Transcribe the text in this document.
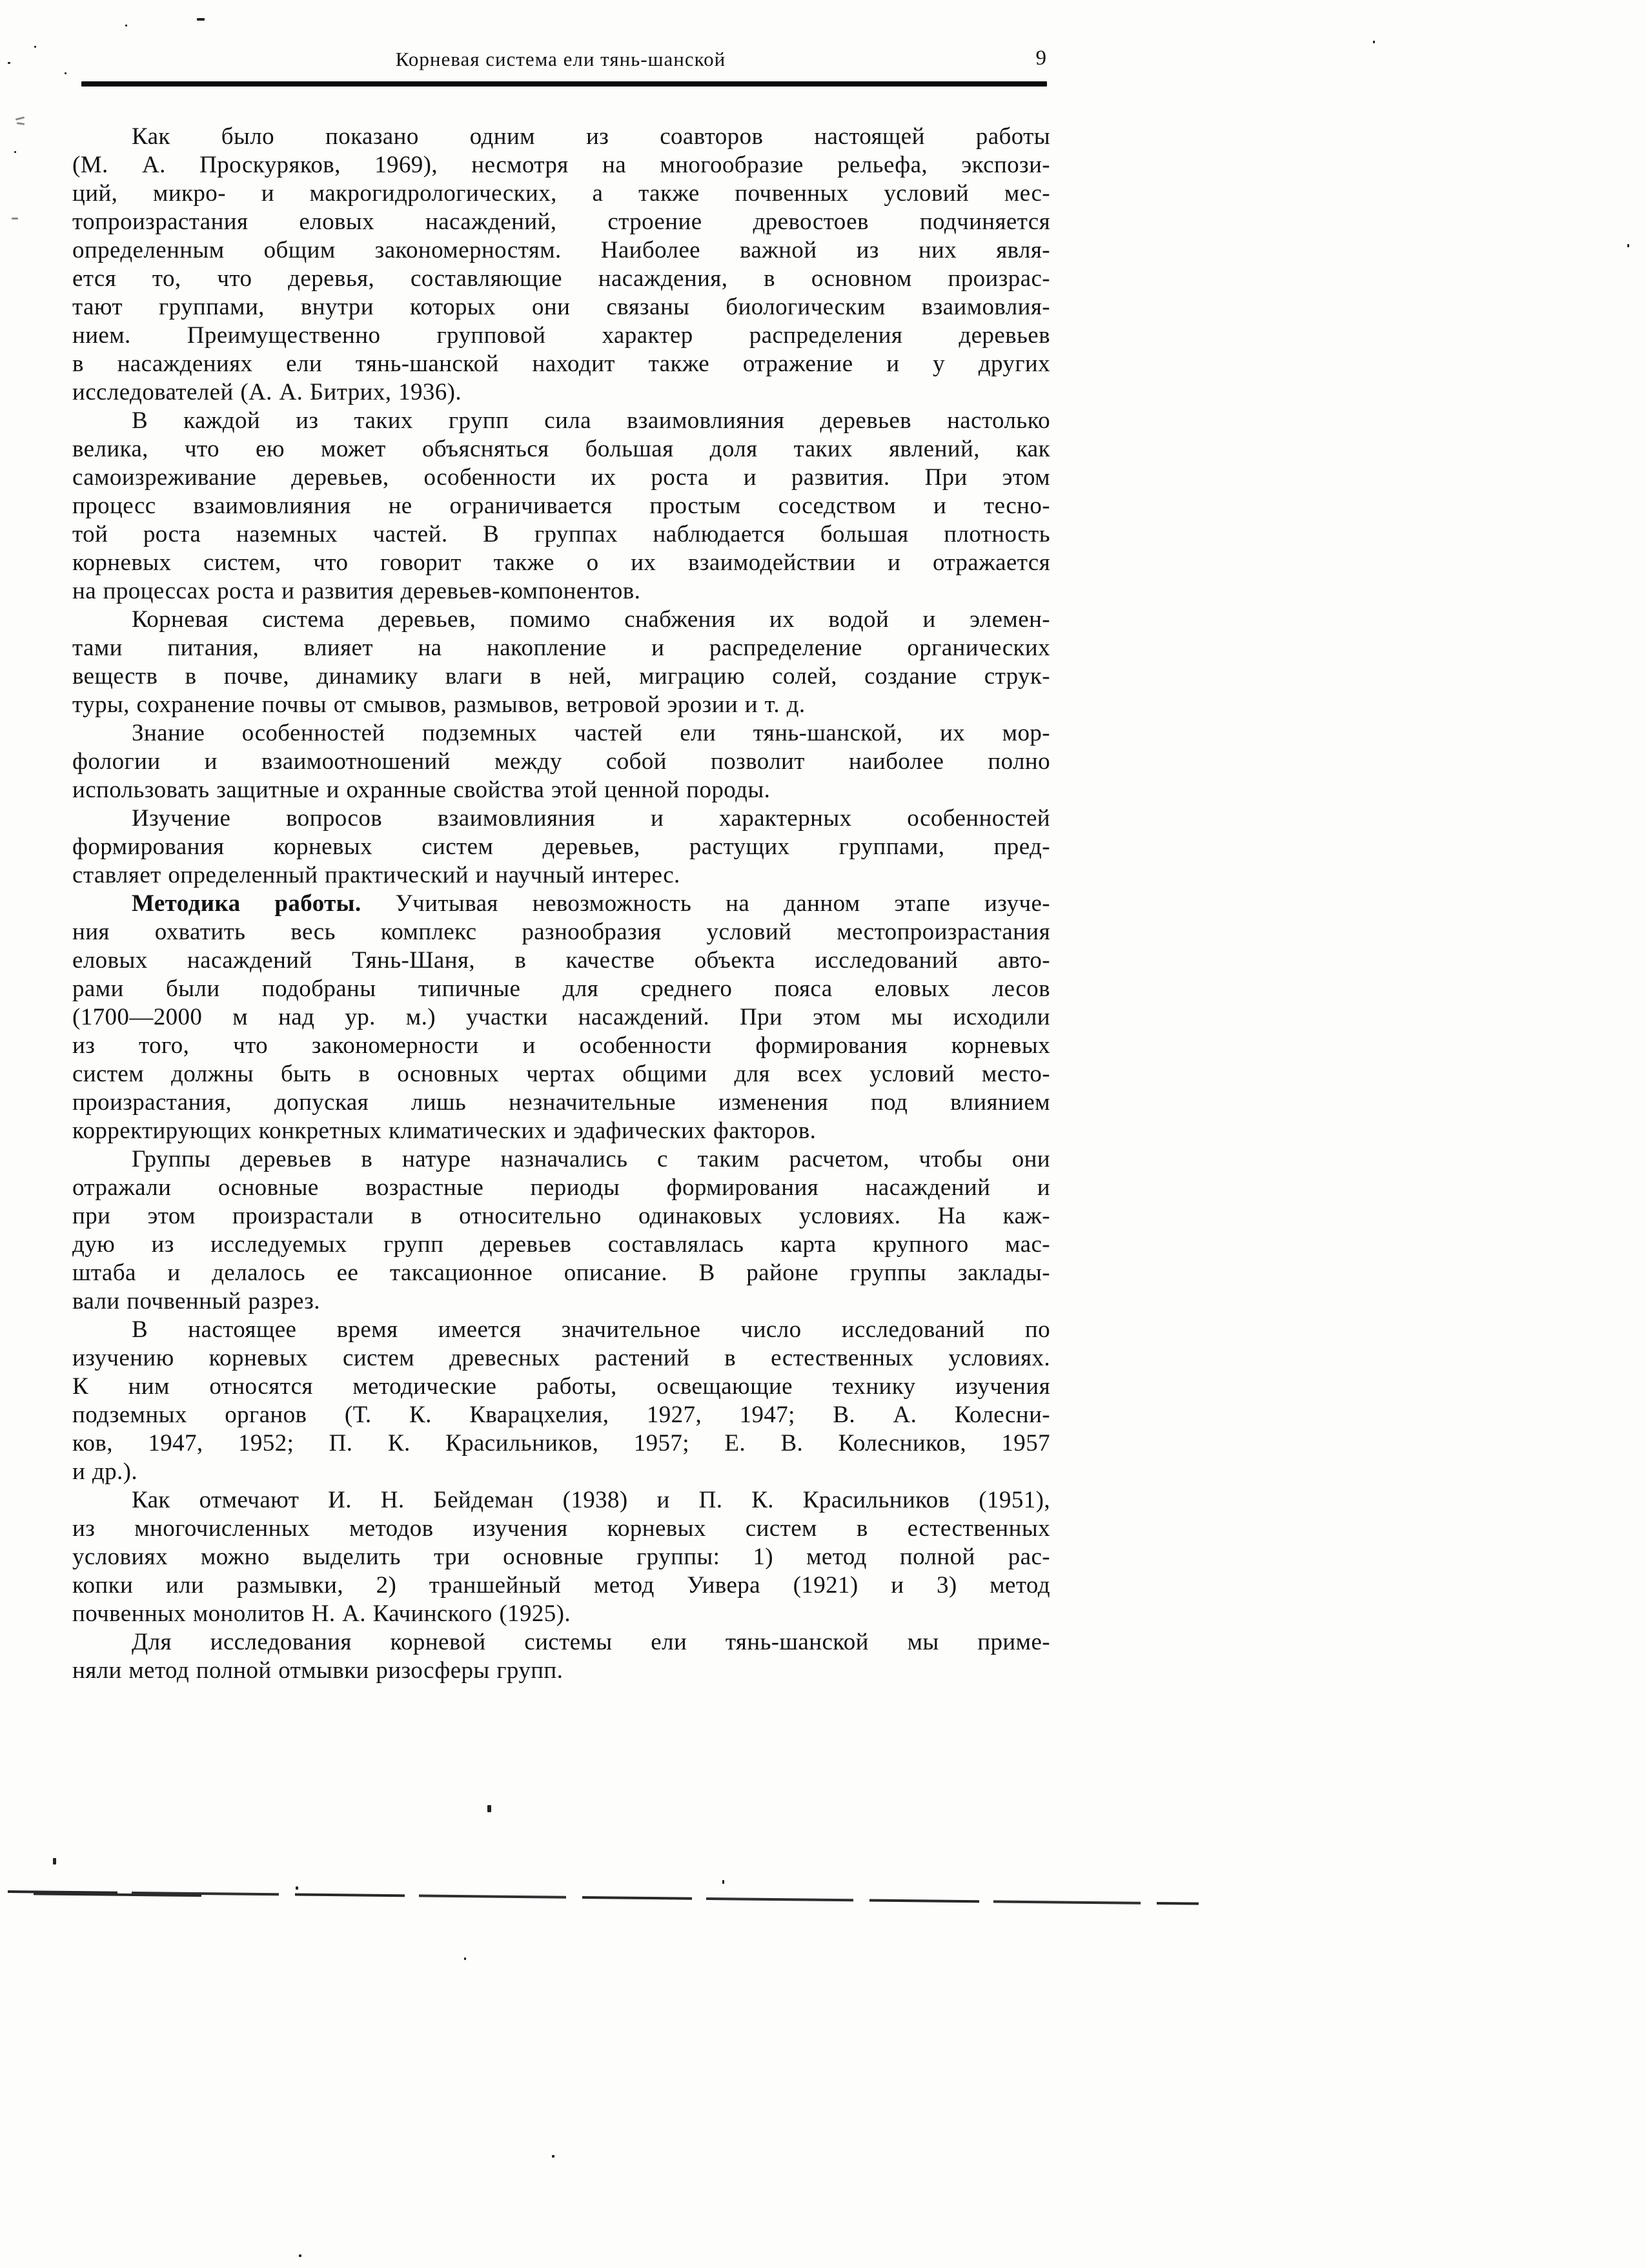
Корневая система ели тянь-шанской	9
Как было показано одним из соавторов настоящей работы
(М. А. Проскуряков, 1969), несмотря на многообразие рельефа, экспози-
ций, микро- и макрогидрологических, а также почвенных условий мес-
топроизрастания еловых насаждений, строение древостоев подчиняется
определенным общим закономерностям. Наиболее важной из них явля-
ется то, что деревья, составляющие насаждения, в основном произрас-
тают группами, внутри которых они связаны биологическим взаимовлия-
нием. Преимущественно групповой характер распределения деревьев
в насаждениях ели тянь-шанской находит также отражение и у других
исследователей (А. А. Битрих, 1936).
В каждой из таких групп сила взаимовлияния деревьев настолько
велика, что ею может объясняться большая доля таких явлений, как
самоизреживание деревьев, особенности их роста и развития. При этом
процесс взаимовлияния не ограничивается простым соседством и тесно-
той роста наземных частей. В группах наблюдается большая плотность
корневых систем, что говорит также о их взаимодействии и отражается
на процессах роста и развития деревьев-компонентов.
Корневая система деревьев, помимо снабжения их водой и элемен-
тами питания, влияет на накопление и распределение органических
веществ в почве, динамику влаги в ней, миграцию солей, создание струк-
туры, сохранение почвы от смывов, размывов, ветровой эрозии и т. д.
Знание особенностей подземных частей ели тянь-шанской, их мор-
фологии и взаимоотношений между собой позволит наиболее полно
использовать защитные и охранные свойства этой ценной породы.
Изучение вопросов взаимовлияния и характерных особенностей
формирования корневых систем деревьев, растущих группами, пред-
ставляет определенный практический и научный интерес.
Методика работы. Учитывая невозможность на данном этапе изуче-
ния охватить весь комплекс разнообразия условий местопроизрастания
еловых насаждений Тянь-Шаня, в качестве объекта исследований авто-
рами были подобраны типичные для среднего пояса еловых лесов
(1700—2000 м над ур. м.) участки насаждений. При этом мы исходили
из того, что закономерности и особенности формирования корневых
систем должны быть в основных чертах общими для всех условий место-
произрастания, допуская лишь незначительные изменения под влиянием
корректирующих конкретных климатических и эдафических факторов.
Группы деревьев в натуре назначались с таким расчетом, чтобы они
отражали основные возрастные периоды формирования насаждений и
при этом произрастали в относительно одинаковых условиях. На каж-
дую из исследуемых групп деревьев составлялась карта крупного мас-
штаба и делалось ее таксационное описание. В районе группы заклады-
вали почвенный разрез.
В настоящее время имеется значительное число исследований по
изучению корневых систем древесных растений в естественных условиях.
К ним относятся методические работы, освещающие технику изучения
подземных органов (Т. К. Кварацхелия, 1927, 1947; В. А. Колесни-
ков, 1947, 1952; П. К. Красильников, 1957; Е. В. Колесников, 1957
и др.).
Как отмечают И. Н. Бейдеман (1938) и П. К. Красильников (1951),
из многочисленных методов изучения корневых систем в естественных
условиях можно выделить три основные группы: 1) метод полной рас-
копки или размывки, 2) траншейный метод Уивера (1921) и 3) метод
почвенных монолитов Н. А. Качинского (1925).
Для исследования корневой системы ели тянь-шанской мы приме-
няли метод полной отмывки ризосферы групп.
